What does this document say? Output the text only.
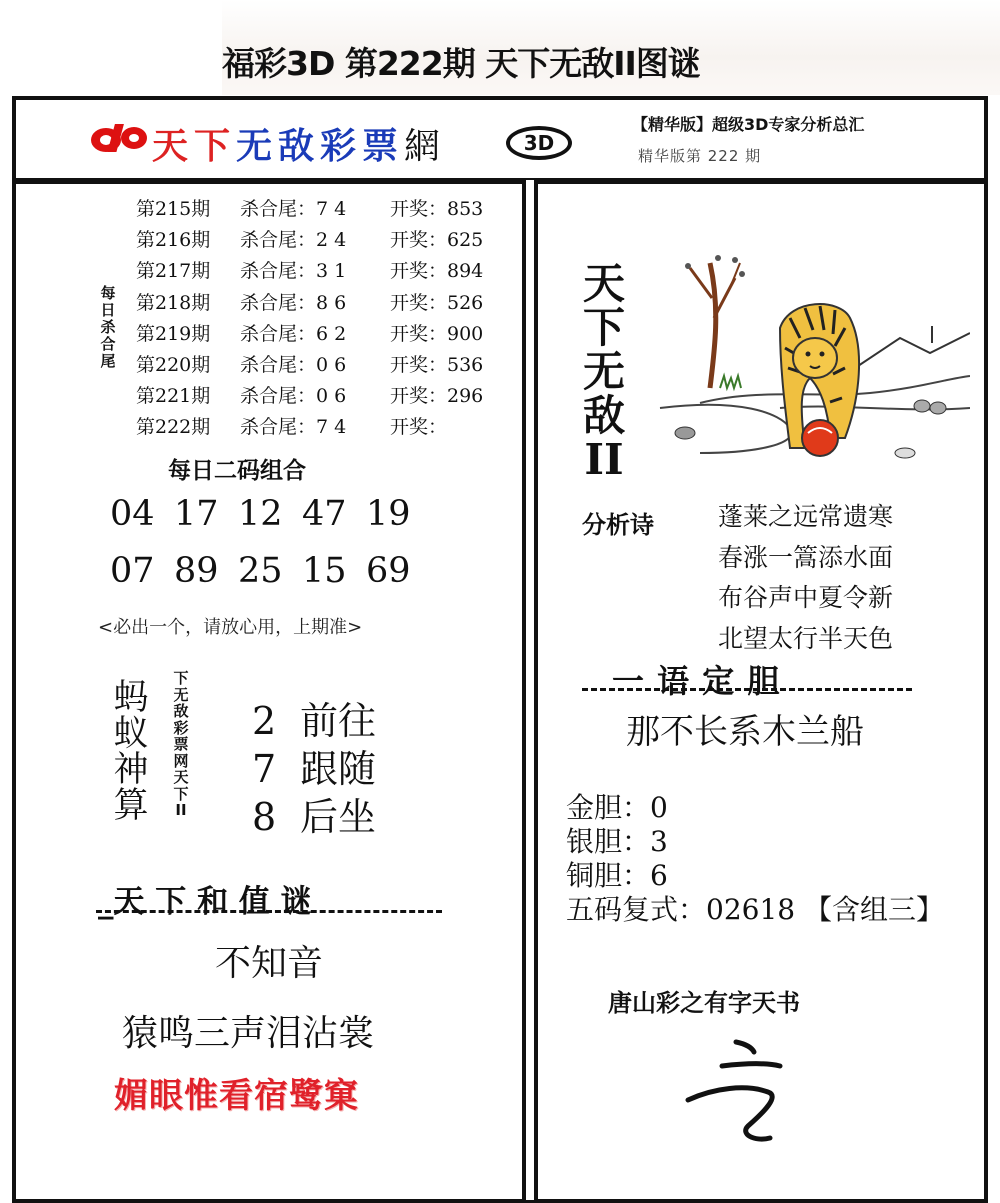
福彩3D 第222期 天下无敌II图谜
天下无敌彩票網	3D
【精华版】超级3D专家分析总汇
精华版第 222 期
每日杀合尾
第215期 杀合尾：7 4 开奖：853
第216期 杀合尾：2 4 开奖：625
第217期 杀合尾：3 1 开奖：894
第218期 杀合尾：8 6 开奖：526
第219期 杀合尾：6 2 开奖：900
第220期 杀合尾：0 6 开奖：536
第221期 杀合尾：0 6 开奖：296
第222期 杀合尾：7 4 开奖：
每日二码组合
04 17 12 47 19
07 89 25 15 69
<必出一个，请放心用，上期准>
蚂蚁神算
下无敌彩票网天下II
2 前往
7 跟随
8 后坐
_天 下 和 值 谜
不知音
猿鸣三声泪沾裳
媚眼惟看宿鹭窠
天下无敌II
分析诗	蓬莱之远常遗寒
春涨一篙添水面
布谷声中夏令新
北望太行半天色
一 语 定 胆
那不长系木兰船
金胆：0
银胆：3
铜胆：6
五码复式：02618 【含组三】
唐山彩之有字天书
